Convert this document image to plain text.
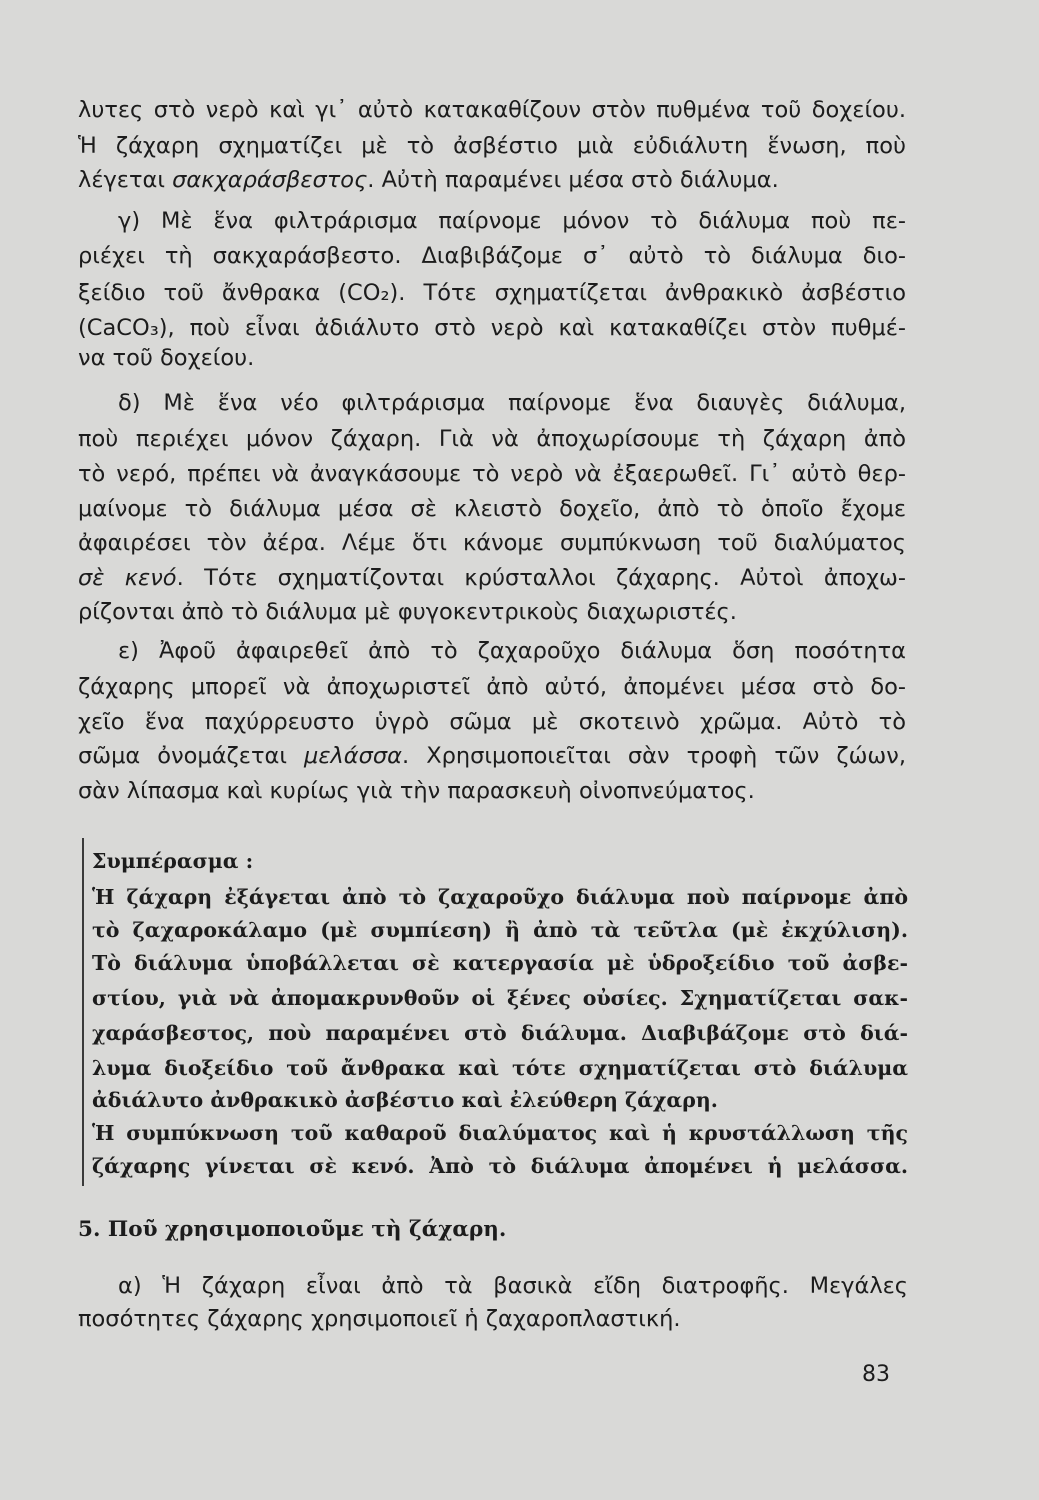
λυτες στὸ νερὸ καὶ γι᾽ αὐτὸ κατακαθίζουν στὸν πυθμένα τοῦ δοχείου.
Ἡ ζάχαρη σχηματίζει μὲ τὸ ἀσβέστιο μιὰ εὐδιάλυτη ἕνωση, ποὺ
λέγεται σακχαράσβεστος. Αὐτὴ παραμένει μέσα στὸ διάλυμα.
γ) Μὲ ἕνα φιλτράρισμα παίρνομε μόνον τὸ διάλυμα ποὺ πε-
ριέχει τὴ σακχαράσβεστο. Διαβιβάζομε σ᾽ αὐτὸ τὸ διάλυμα διο-
ξείδιο τοῦ ἄνθρακα (CO₂). Τότε σχηματίζεται ἀνθρακικὸ ἀσβέστιο
(CaCO₃), ποὺ εἶναι ἀδιάλυτο στὸ νερὸ καὶ κατακαθίζει στὸν πυθμέ-
να τοῦ δοχείου.
δ) Μὲ ἕνα νέο φιλτράρισμα παίρνομε ἕνα διαυγὲς διάλυμα,
ποὺ περιέχει μόνον ζάχαρη. Γιὰ νὰ ἀποχωρίσουμε τὴ ζάχαρη ἀπὸ
τὸ νερό, πρέπει νὰ ἀναγκάσουμε τὸ νερὸ νὰ ἐξαερωθεῖ. Γι᾽ αὐτὸ θερ-
μαίνομε τὸ διάλυμα μέσα σὲ κλειστὸ δοχεῖο, ἀπὸ τὸ ὁποῖο ἔχομε
ἀφαιρέσει τὸν ἀέρα. Λέμε ὅτι κάνομε συμπύκνωση τοῦ διαλύματος
σὲ κενό. Τότε σχηματίζονται κρύσταλλοι ζάχαρης. Αὐτοὶ ἀποχω-
ρίζονται ἀπὸ τὸ διάλυμα μὲ φυγοκεντρικοὺς διαχωριστές.
ε) Ἀφοῦ ἀφαιρεθεῖ ἀπὸ τὸ ζαχαροῦχο διάλυμα ὅση ποσότητα
ζάχαρης μπορεῖ νὰ ἀποχωριστεῖ ἀπὸ αὐτό, ἀπομένει μέσα στὸ δο-
χεῖο ἕνα παχύρρευστο ὑγρὸ σῶμα μὲ σκοτεινὸ χρῶμα. Αὐτὸ τὸ
σῶμα ὀνομάζεται μελάσσα. Χρησιμοποιεῖται σὰν τροφὴ τῶν ζώων,
σὰν λίπασμα καὶ κυρίως γιὰ τὴν παρασκευὴ οἰνοπνεύματος.
Συμπέρασμα :
Ἡ ζάχαρη ἐξάγεται ἀπὸ τὸ ζαχαροῦχο διάλυμα ποὺ παίρνομε ἀπὸ
τὸ ζαχαροκάλαμο (μὲ συμπίεση) ἢ ἀπὸ τὰ τεῦτλα (μὲ ἐκχύλιση).
Τὸ διάλυμα ὑποβάλλεται σὲ κατεργασία μὲ ὑδροξείδιο τοῦ ἀσβε-
στίου, γιὰ νὰ ἀπομακρυνθοῦν οἱ ξένες οὐσίες. Σχηματίζεται σακ-
χαράσβεστος, ποὺ παραμένει στὸ διάλυμα. Διαβιβάζομε στὸ διά-
λυμα διοξείδιο τοῦ ἄνθρακα καὶ τότε σχηματίζεται στὸ διάλυμα
ἀδιάλυτο ἀνθρακικὸ ἀσβέστιο καὶ ἐλεύθερη ζάχαρη.
Ἡ συμπύκνωση τοῦ καθαροῦ διαλύματος καὶ ἡ κρυστάλλωση τῆς
ζάχαρης γίνεται σὲ κενό. Ἀπὸ τὸ διάλυμα ἀπομένει ἡ μελάσσα.
5. Ποῦ χρησιμοποιοῦμε τὴ ζάχαρη.
α) Ἡ ζάχαρη εἶναι ἀπὸ τὰ βασικὰ εἴδη διατροφῆς. Μεγάλες
ποσότητες ζάχαρης χρησιμοποιεῖ ἡ ζαχαροπλαστική.
83
